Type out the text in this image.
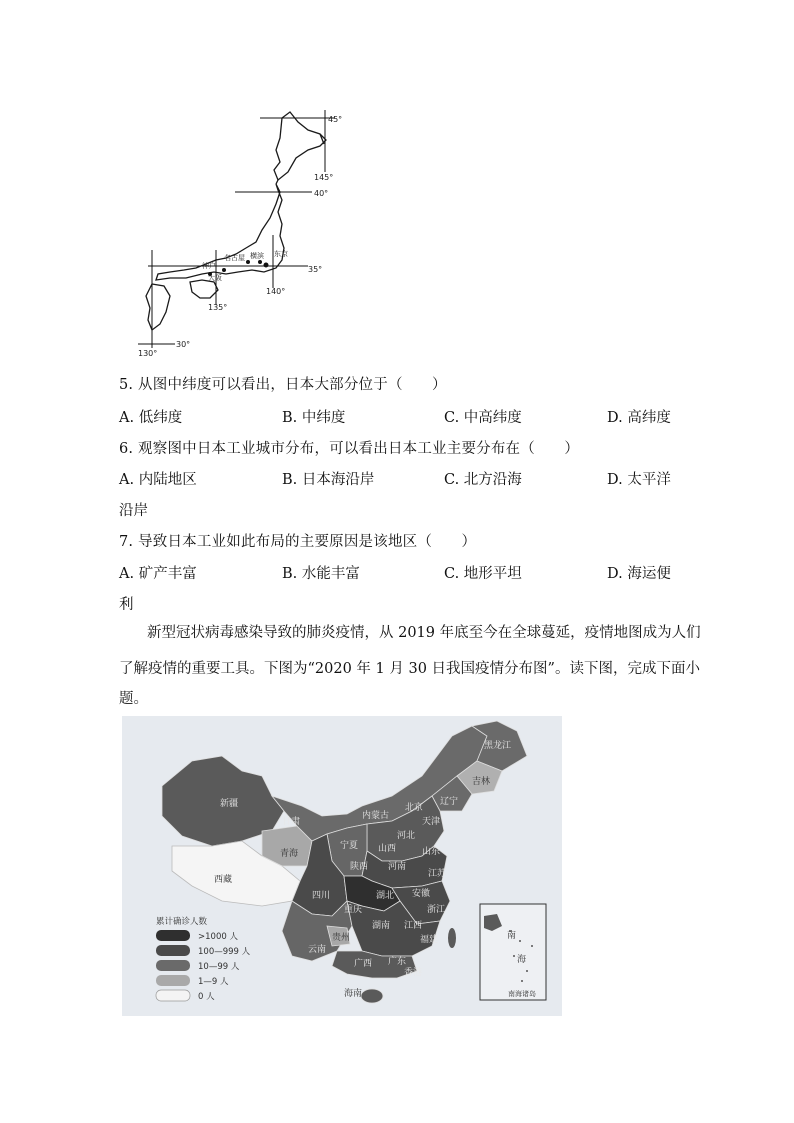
45°
145°
40°
35°
140°
135°
30°
130°
名古屋 横滨 东京
神户
大阪
5. 从图中纬度可以看出，日本大部分位于（　　）
A. 低纬度	B. 中纬度	C. 中高纬度	D. 高纬度
6. 观察图中日本工业城市分布，可以看出日本工业主要分布在（　　）
A. 内陆地区	B. 日本海沿岸	C. 北方沿海	D. 太平洋
沿岸
7. 导致日本工业如此布局的主要原因是该地区（　　）
A. 矿产丰富	B. 水能丰富	C. 地形平坦	D. 海运便
利
新型冠状病毒感染导致的肺炎疫情，从 2019 年底至今在全球蔓延，疫情地图成为人们
了解疫情的重要工具。下图为“2020 年 1 月 30 日我国疫情分布图”。读下图，完成下面小
题。
南
海
南海诸岛
黑龙江
吉林
辽宁
北京
天津
内蒙古
河北
新疆
甘肃
宁夏 山西	山东
青海
陕西 河南
江苏
西藏
四川	湖北 安徽
重庆	浙江
湖南 江西
贵州	福建
云南
广西 广东
香港
海南
累计确诊人数
>1000 人
100—999 人
10—99 人
1—9 人
0 人
